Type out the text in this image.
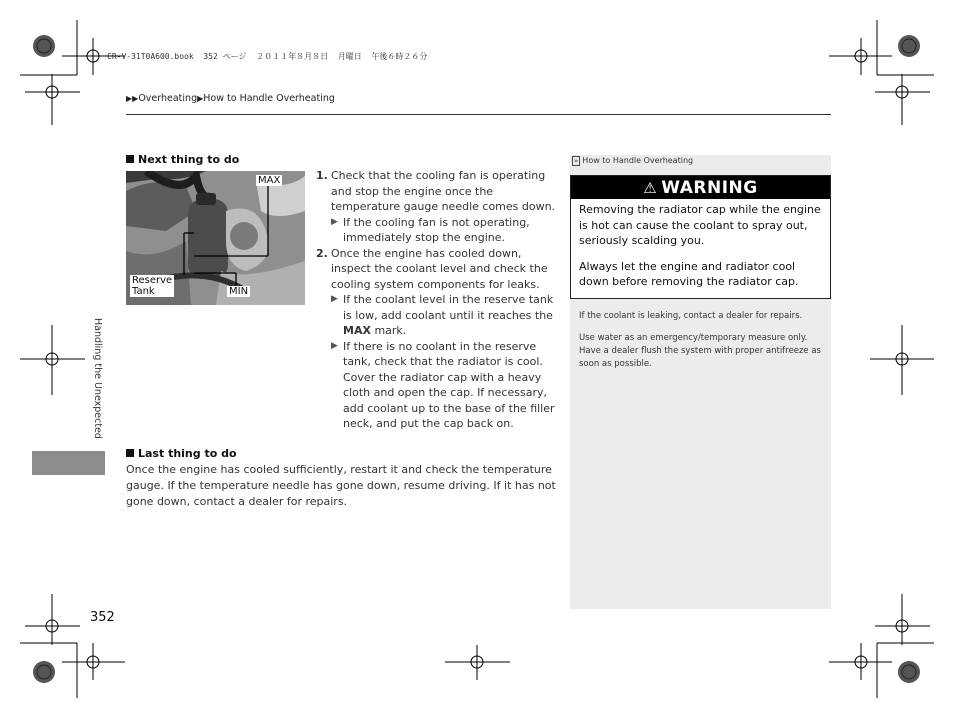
CR-V-31T0A600.book  352 ページ  ２０１１年８月８日  月曜日  午後６時２６分
▶▶Overheating▶How to Handle Overheating
Handling the Unexpected
352
Next thing to do
MAX
Reserve
Tank	MIN
1. Check that the cooling fan is operating and stop the engine once the temperature gauge needle comes down.
▶ If the cooling fan is not operating, immediately stop the engine.
2. Once the engine has cooled down, inspect the coolant level and check the cooling system components for leaks.
▶ If the coolant level in the reserve tank is low, add coolant until it reaches the MAX mark.
▶ If there is no coolant in the reserve tank, check that the radiator is cool. Cover the radiator cap with a heavy cloth and open the cap. If necessary, add coolant up to the base of the filler neck, and put the cap back on.
Last thing to do
Once the engine has cooled sufficiently, restart it and check the temperature gauge. If the temperature needle has gone down, resume driving. If it has not gone down, contact a dealer for repairs.
» How to Handle Overheating
⚠ WARNING

Removing the radiator cap while the engine is hot can cause the coolant to spray out, seriously scalding you.

Always let the engine and radiator cool down before removing the radiator cap.

If the coolant is leaking, contact a dealer for repairs.

Use water as an emergency/temporary measure only. Have a dealer flush the system with proper antifreeze as soon as possible.
